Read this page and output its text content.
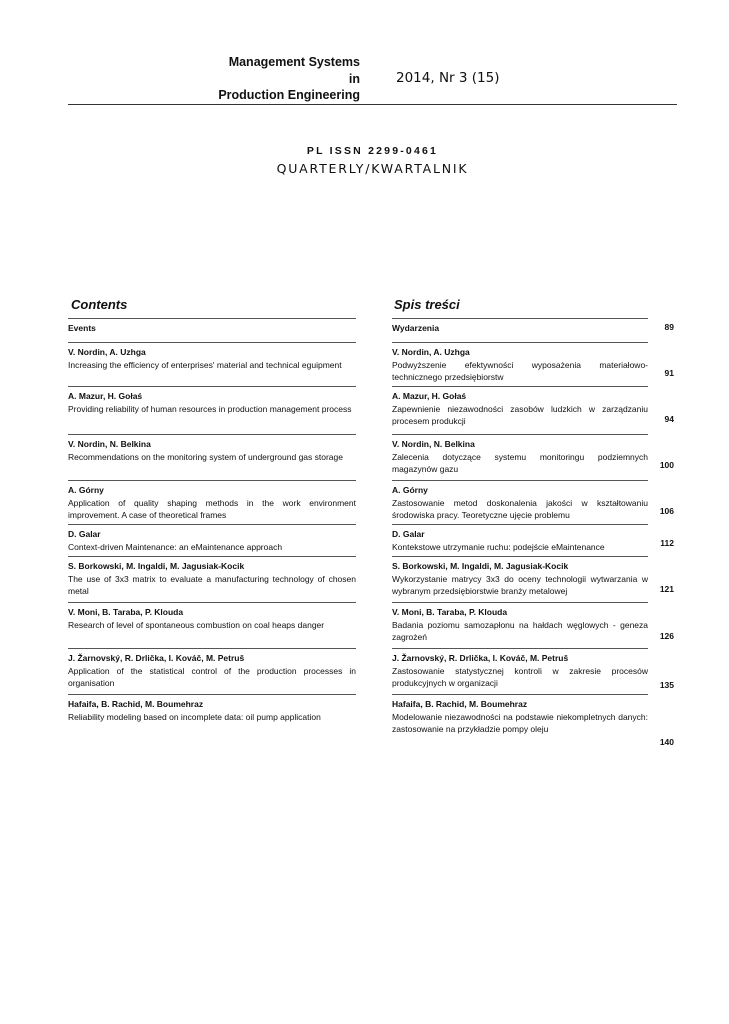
Management Systems
in
Production Engineering
2014, Nr 3 (15)
PL ISSN 2299-0461
QUARTERLY/KWARTALNIK
Contents	Spis treści
Events
V. Nordin, A. Uzhga
Increasing the efficiency of enterprises' material and technical eguipment
A. Mazur, H. Gołaś
Providing reliability of human resources in production management process
V. Nordin, N. Belkina
Recommendations on the monitoring system of underground gas storage
A. Górny
Application of quality shaping methods in the work environment improvement. A case of theoretical frames
D. Galar
Context-driven Maintenance: an eMaintenance approach
S. Borkowski, M. Ingaldi, M. Jagusiak-Kocik
The use of 3x3 matrix to evaluate a manufacturing technology of chosen metal
V. Moni, B. Taraba, P. Klouda
Research of level of spontaneous combustion on coal heaps danger
J. Žarnovský, R. Drlička, I. Kováč, M. Petruš
Application of the statistical control of the production processes in organisation
Hafaifa, B. Rachid, M. Boumehraz
Reliability modeling based on incomplete data: oil pump application
Wydarzenia
V. Nordin, A. Uzhga
Podwyższenie efektywności wyposażenia materiałowo-technicznego przedsiębiorstw
A. Mazur, H. Gołaś
Zapewnienie niezawodności zasobów ludzkich w zarządzaniu procesem produkcji
V. Nordin, N. Belkina
Zalecenia dotyczące systemu monitoringu podziemnych magazynów gazu
A. Górny
Zastosowanie metod doskonalenia jakości w kształtowaniu środowiska pracy. Teoretyczne ujęcie problemu
D. Galar
Kontekstowe utrzymanie ruchu: podejście eMaintenance
S. Borkowski, M. Ingaldi, M. Jagusiak-Kocik
Wykorzystanie matrycy 3x3 do oceny technologii wytwarzania w wybranym przedsiębiorstwie branży metalowej
V. Moni, B. Taraba, P. Klouda
Badania poziomu samozapłonu na hałdach węglowych - geneza zagrożeń
J. Žarnovský, R. Drlička, I. Kováč, M. Petruš
Zastosowanie statystycznej kontroli w zakresie procesów produkcyjnych w organizacji
Hafaifa, B. Rachid, M. Boumehraz
Modelowanie niezawodności na podstawie niekompletnych danych: zastosowanie na przykładzie pompy oleju
89
91
94
100
106
112
121
126
135
140
